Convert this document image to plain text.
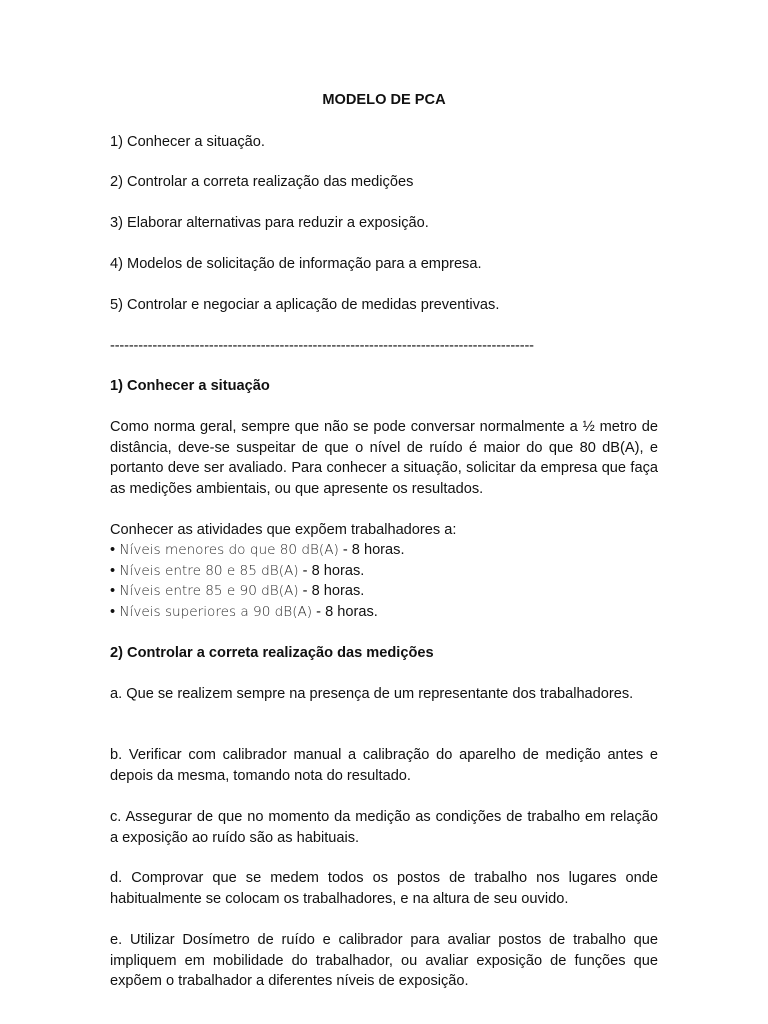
MODELO DE PCA
1) Conhecer a situação.
2) Controlar a correta realização das medições
3) Elaborar alternativas para reduzir a exposição.
4) Modelos de solicitação de informação para a empresa.
5) Controlar e negociar a aplicação de medidas preventivas.
------------------------------------------------------------------------------------------
1) Conhecer a situação
Como norma geral, sempre que não se pode conversar normalmente a ½ metro de distância, deve-se suspeitar de que o nível de ruído é maior do que 80 dB(A), e portanto deve ser avaliado. Para conhecer a situação, solicitar da empresa que faça as medições ambientais, ou que apresente os resultados.
Conhecer as atividades que expõem trabalhadores a:
• Níveis menores do que 80 dB(A) - 8 horas.
• Níveis entre 80 e 85 dB(A) - 8 horas.
• Níveis entre 85 e 90 dB(A) - 8 horas.
• Níveis superiores a 90 dB(A) - 8 horas.
2) Controlar a correta realização das medições
a. Que se realizem sempre na presença de um representante dos trabalhadores.
b. Verificar com calibrador manual a calibração do aparelho de medição antes e depois da mesma, tomando nota do resultado.
c. Assegurar de que no momento da medição as condições de trabalho em relação a exposição ao ruído são as habituais.
d. Comprovar que se medem todos os postos de trabalho nos lugares onde habitualmente se colocam os trabalhadores, e na altura de seu ouvido.
e. Utilizar Dosímetro de ruído e calibrador para avaliar postos de trabalho que impliquem em mobilidade do trabalhador, ou avaliar exposição de funções que expõem o trabalhador a diferentes níveis de exposição.
